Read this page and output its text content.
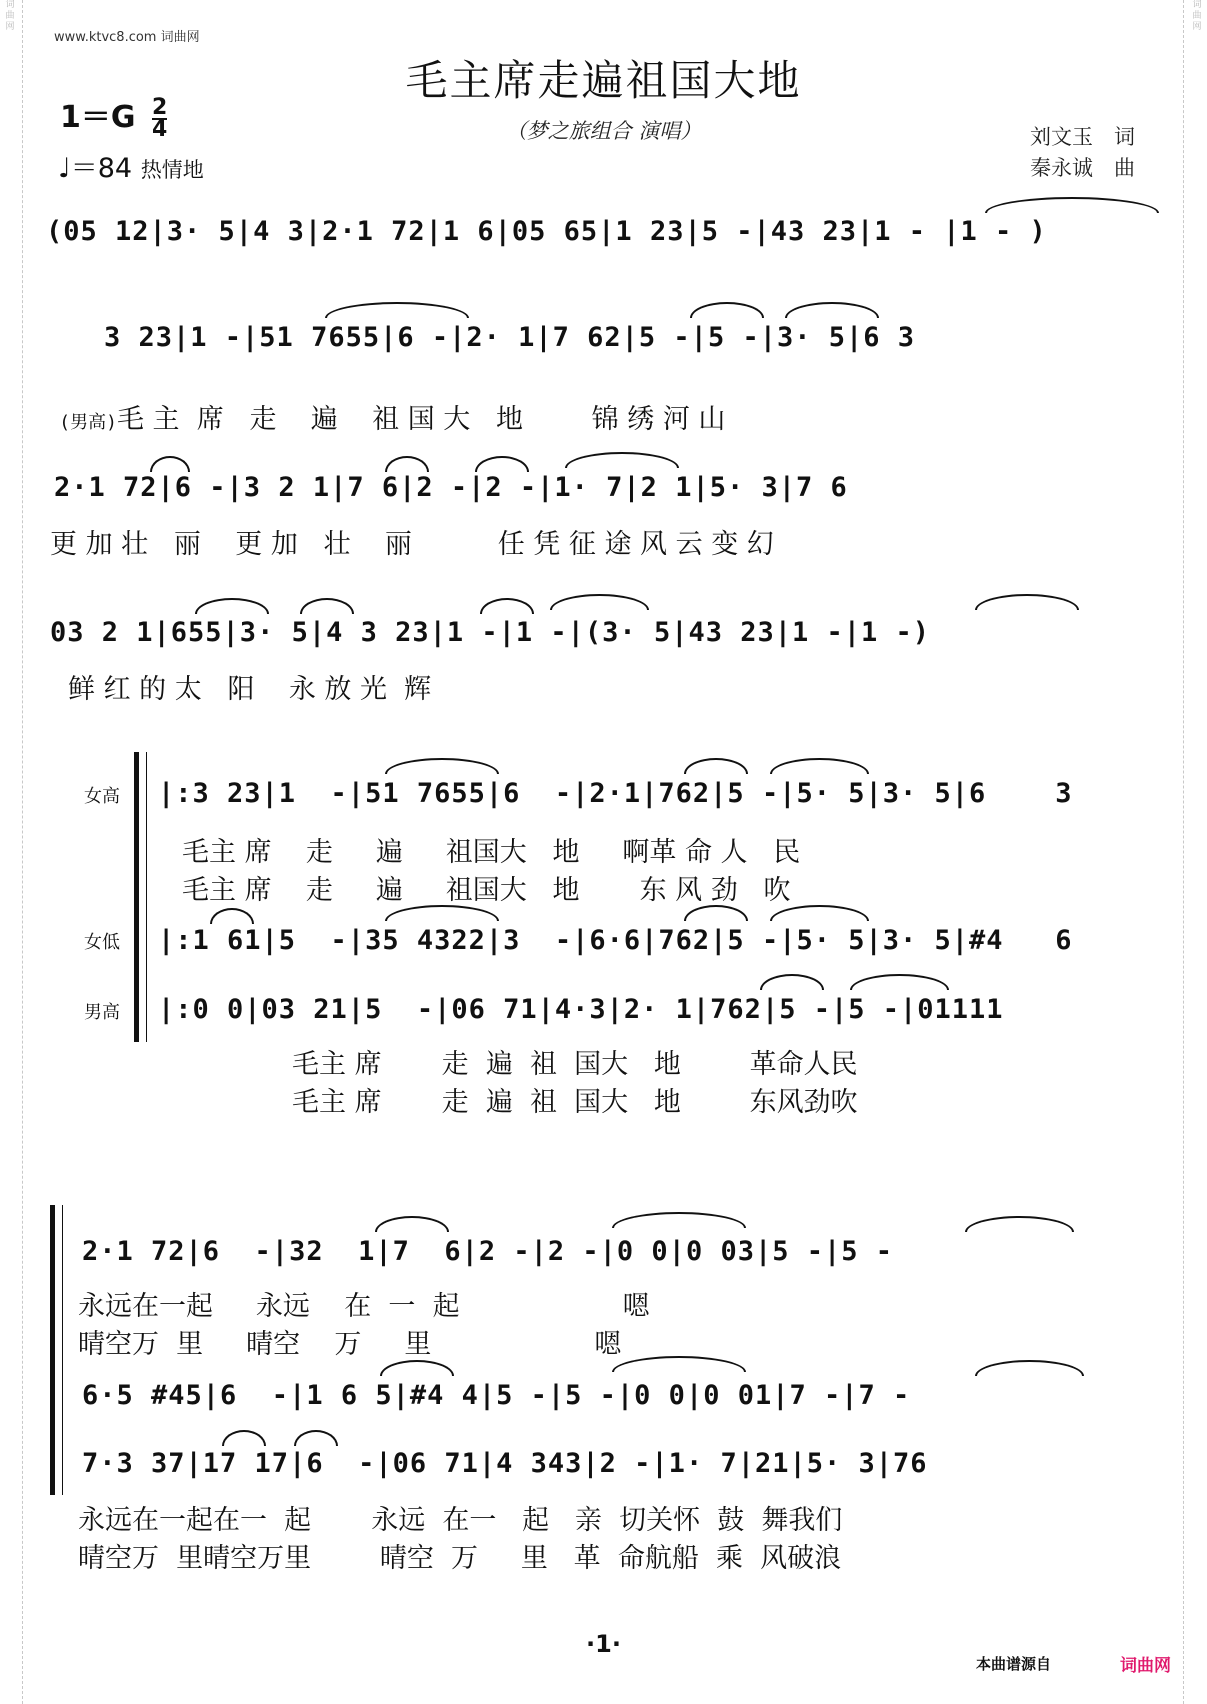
词
曲
网
词
曲
网
www.ktvc8.com 词曲网
毛主席走遍祖国大地
（梦之旅组合 演唱）
$1=G \frac{2}{4}$
♩＝84 热情地
刘文玉　词
秦永诚　曲
(05 12|3· 5|4 3|2·1 72|1 6|05 65|1 23|5 -|43 23|1 - |1 - )
3 23|1 -|51 7655|6 -|2· 1|7 62|5 -|5 -|3· 5|6 3

(男高)毛 主  席   走    遍    祖 国 大   地        锦 绣 河 山

2·1 72|6 -|3 2 1|7 6|2 -|2 -|1· 7|2 1|5· 3|7 6
更 加 壮   丽    更 加   壮    丽          任 凭 征 途 风 云 变 幻
03 2 1|655|3· 5|4 3 23|1 -|1 -|(3· 5|43 23|1 -|1 -)
鲜 红 的 太   阳    永 放 光  辉
女高 |:3 23|1  -|51 7655|6  -|2·1|762|5 -|5· 5|3· 5|6    3
毛主 席    走     遍     祖国大   地     啊革 命 人   民
毛主 席    走     遍     祖国大   地       东 风 劲   吹
女低 |:1 61|5  -|35 4322|3  -|6·6|762|5 -|5· 5|3· 5|#4   6
男高 |:0 0|03 21|5  -|06 71|4·3|2· 1|762|5 -|5 -|01111
毛主 席       走  遍  祖  国大   地        革命人民
毛主 席       走  遍  祖  国大   地        东风劲吹
2·1 72|6  -|32  1|7  6|2 -|2 -|0 0|0 03|5 -|5 -
永远在一起     永远    在  一  起                   嗯
晴空万  里     晴空    万     里                   嗯
6·5 #45|6  -|1 6 5|#4 4|5 -|5 -|0 0|0 01|7 -|7 -
7·3 37|17 17|6  -|06 71|4 343|2 -|1· 7|21|5· 3|76
永远在一起在一  起       永远  在一   起   亲  切关怀  鼓  舞我们
晴空万  里晴空万里        晴空  万     里   革  命航船  乘  风破浪
·1·
本曲谱源自	词曲网
